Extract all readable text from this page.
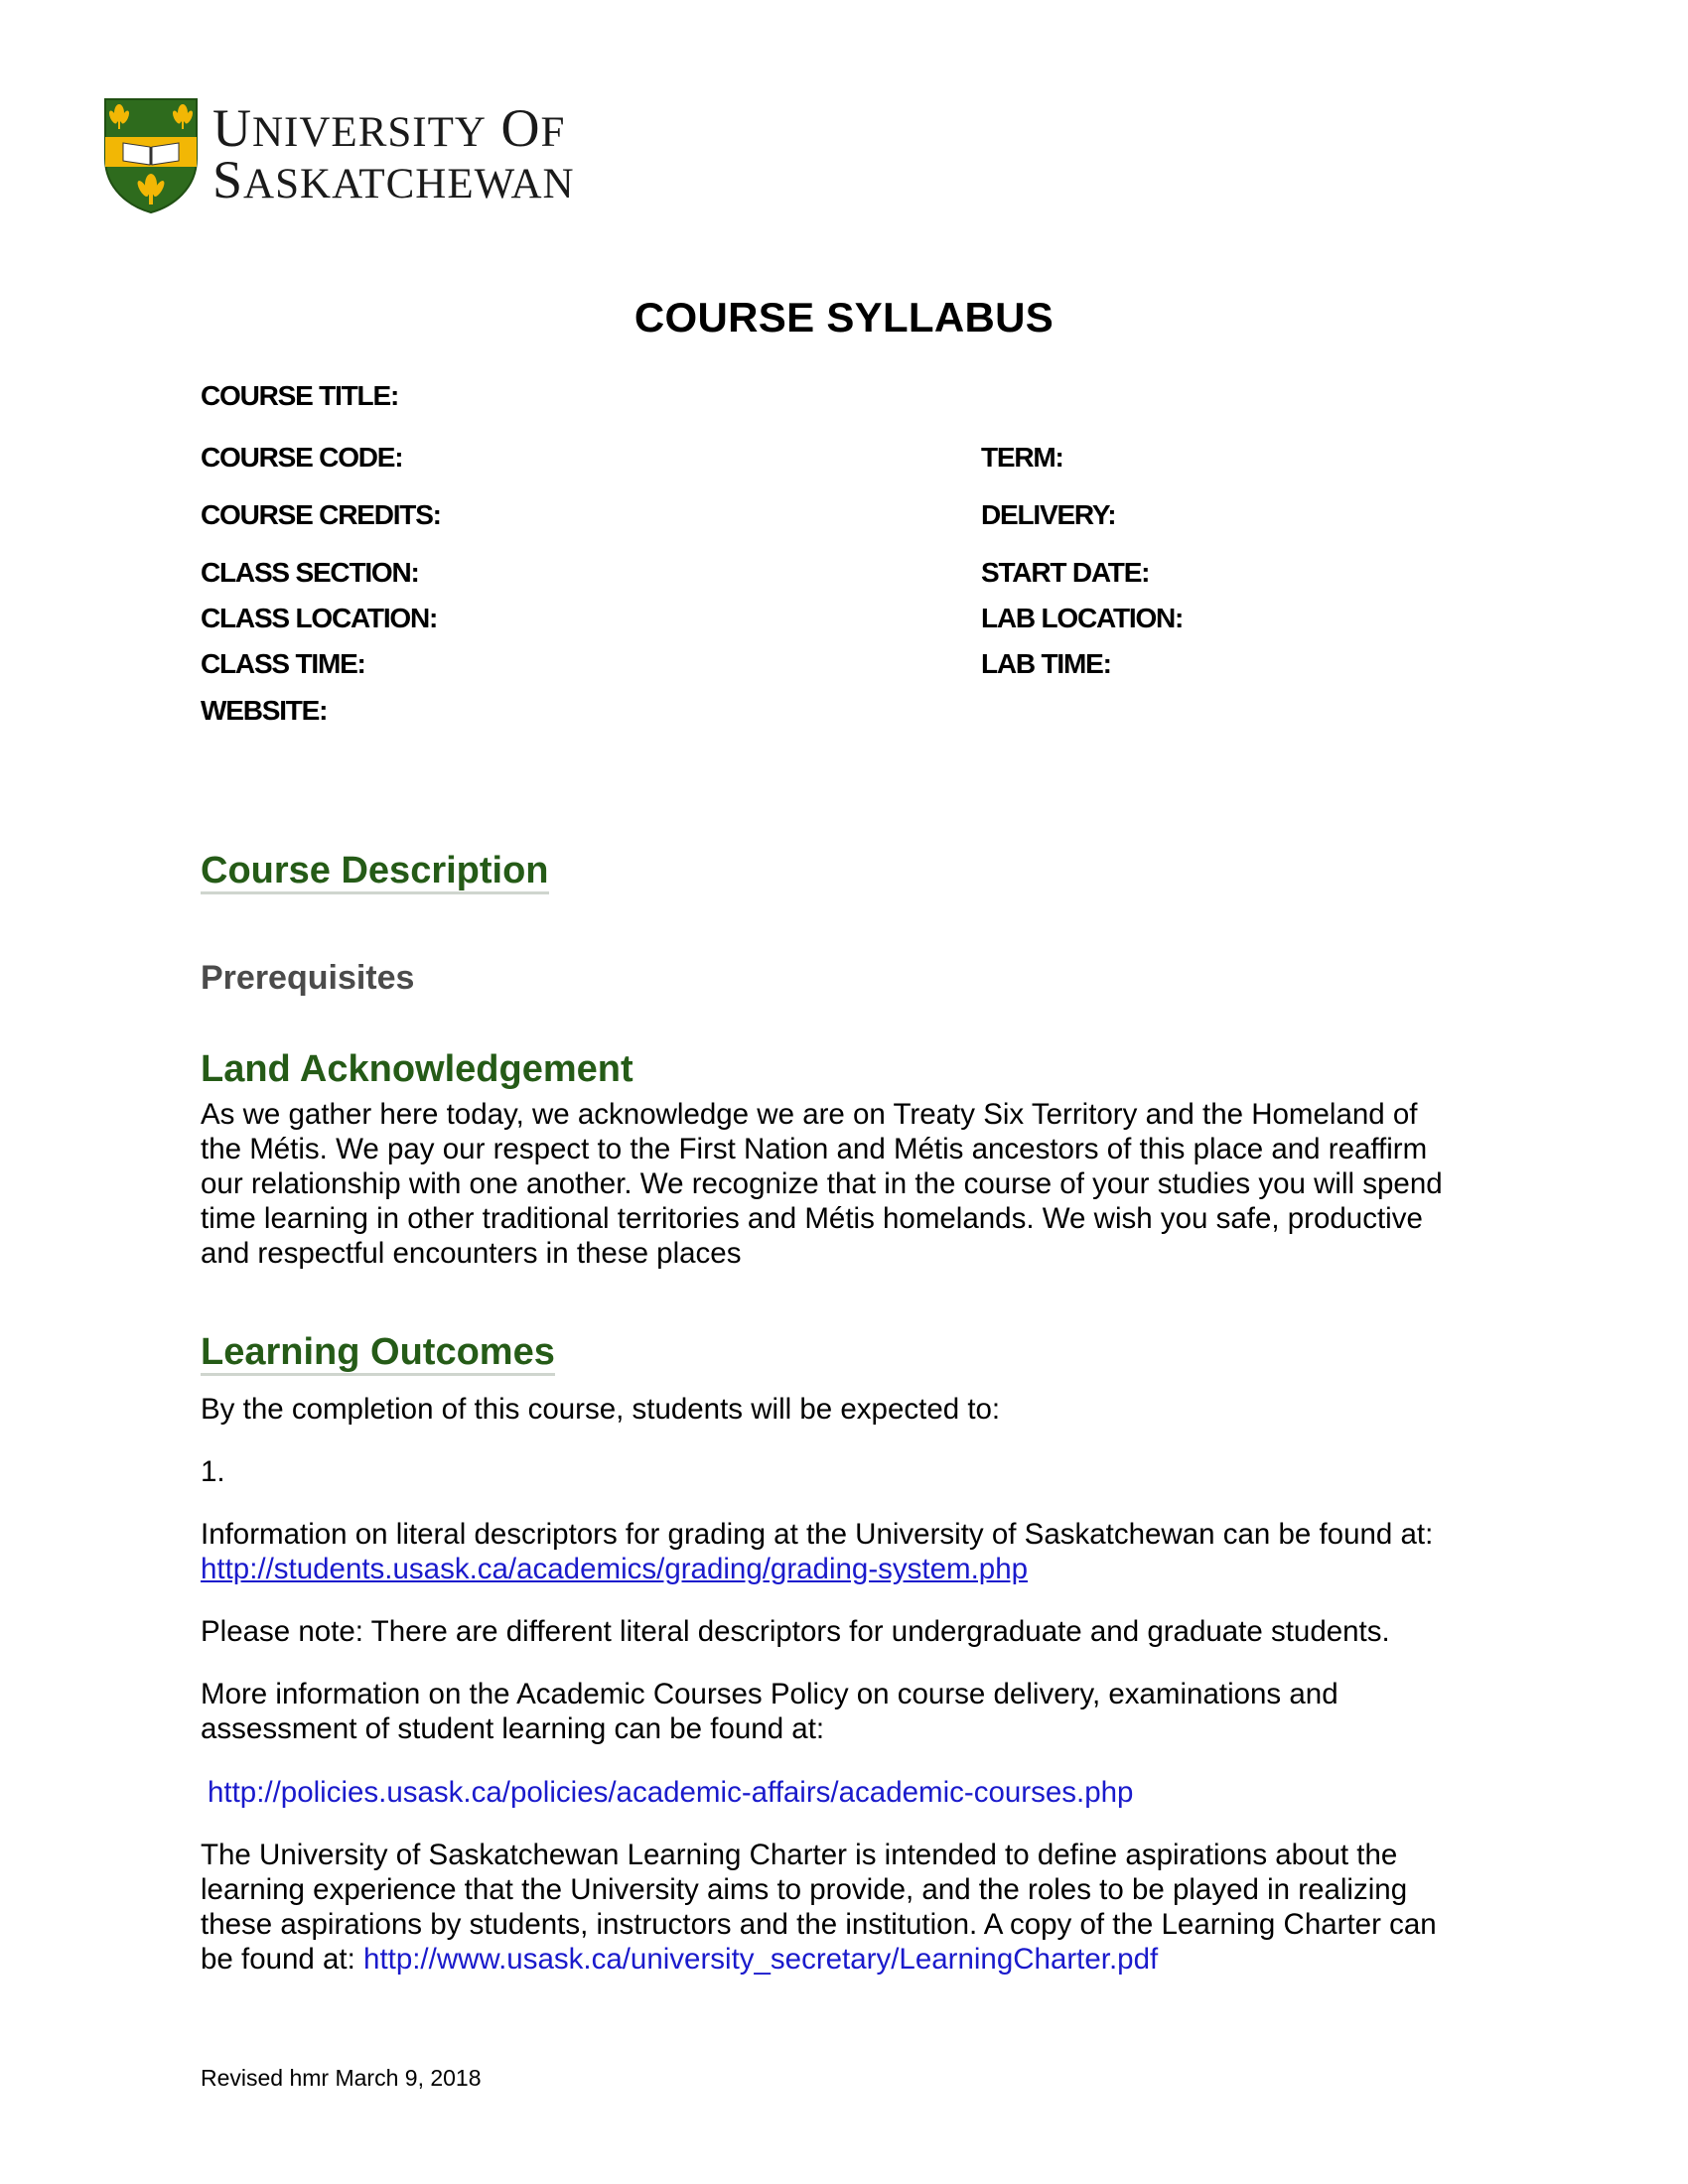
UNIVERSITY OF
SASKATCHEWAN
COURSE SYLLABUS
COURSE TITLE:
COURSE CODE:
COURSE CREDITS:
CLASS SECTION:
CLASS LOCATION:
CLASS TIME:
WEBSITE:
TERM:
DELIVERY:
START DATE:
LAB LOCATION:
LAB TIME:
Course Description
Prerequisites
Land Acknowledgement
As we gather here today, we acknowledge we are on Treaty Six Territory and the Homeland of
the Métis. We pay our respect to the First Nation and Métis ancestors of this place and reaffirm
our relationship with one another. We recognize that in the course of your studies you will spend
time learning in other traditional territories and Métis homelands. We wish you safe, productive
and respectful encounters in these places
Learning Outcomes
By the completion of this course, students will be expected to:
1.
Information on literal descriptors for grading at the University of Saskatchewan can be found at:
http://students.usask.ca/academics/grading/grading-system.php
Please note: There are different literal descriptors for undergraduate and graduate students.
More information on the Academic Courses Policy on course delivery, examinations and
assessment of student learning can be found at:
http://policies.usask.ca/policies/academic-affairs/academic-courses.php
The University of Saskatchewan Learning Charter is intended to define aspirations about the
learning experience that the University aims to provide, and the roles to be played in realizing
these aspirations by students, instructors and the institution. A copy of the Learning Charter can
be found at: http://www.usask.ca/university_secretary/LearningCharter.pdf
Revised hmr March 9, 2018
